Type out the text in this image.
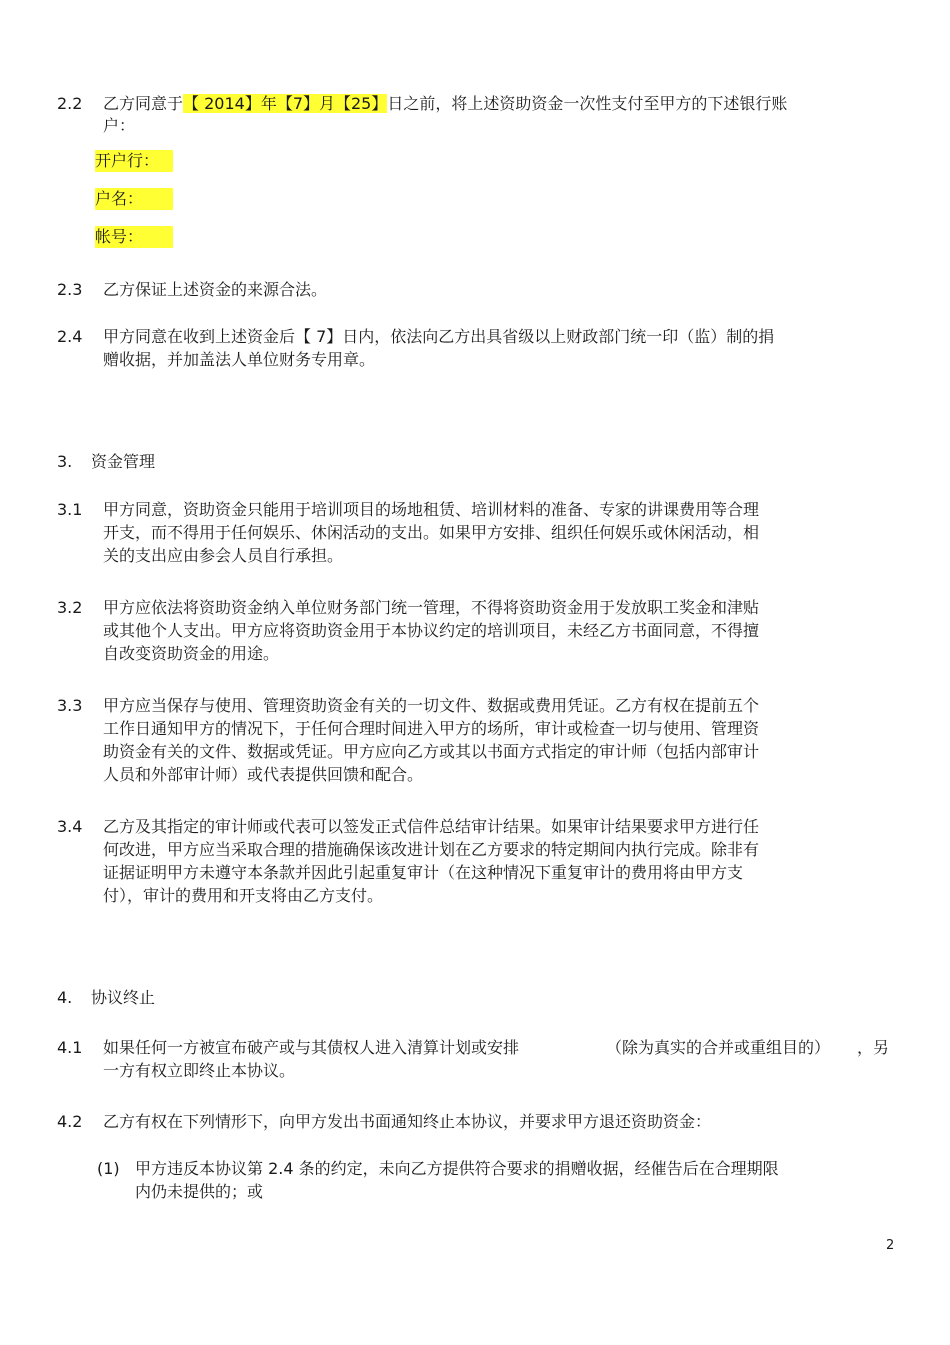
2.2 乙方同意于【 2014】年【7】月【25】日之前，将上述资助资金一次性支付至甲方的下述银行账
户：
开户行：
户名：
帐号：
2.3 乙方保证上述资金的来源合法。
2.4 甲方同意在收到上述资金后【 7】日内，依法向乙方出具省级以上财政部门统一印（监）制的捐
赠收据，并加盖法人单位财务专用章。
3. 资金管理
3.1 甲方同意，资助资金只能用于培训项目的场地租赁、培训材料的准备、专家的讲课费用等合理
开支，而不得用于任何娱乐、休闲活动的支出。如果甲方安排、组织任何娱乐或休闲活动，相
关的支出应由参会人员自行承担。
3.2 甲方应依法将资助资金纳入单位财务部门统一管理，不得将资助资金用于发放职工奖金和津贴
或其他个人支出。甲方应将资助资金用于本协议约定的培训项目，未经乙方书面同意，不得擅
自改变资助资金的用途。
3.3 甲方应当保存与使用、管理资助资金有关的一切文件、数据或费用凭证。乙方有权在提前五个
工作日通知甲方的情况下，于任何合理时间进入甲方的场所，审计或检查一切与使用、管理资
助资金有关的文件、数据或凭证。甲方应向乙方或其以书面方式指定的审计师（包括内部审计
人员和外部审计师）或代表提供回馈和配合。
3.4 乙方及其指定的审计师或代表可以签发正式信件总结审计结果。如果审计结果要求甲方进行任
何改进，甲方应当采取合理的措施确保该改进计划在乙方要求的特定期间内执行完成。除非有
证据证明甲方未遵守本条款并因此引起重复审计（在这种情况下重复审计的费用将由甲方支
付），审计的费用和开支将由乙方支付。
4. 协议终止
4.1 如果任何一方被宣布破产或与其债权人进入清算计划或安排	（除为真实的合并或重组目的） ，另
一方有权立即终止本协议。
4.2 乙方有权在下列情形下，向甲方发出书面通知终止本协议，并要求甲方退还资助资金：
(1) 甲方违反本协议第 2.4 条的约定，未向乙方提供符合要求的捐赠收据，经催告后在合理期限
内仍未提供的；或
2
